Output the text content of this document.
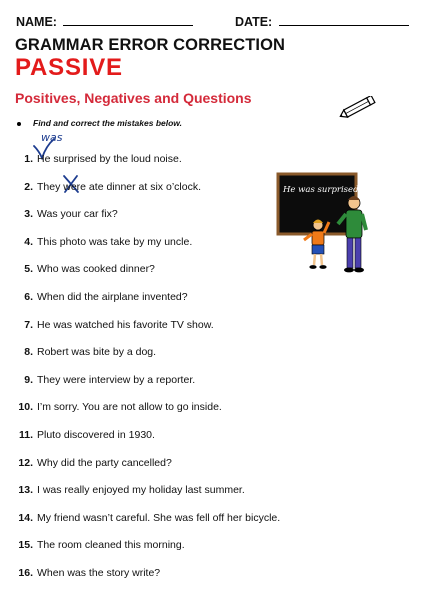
NAME:	DATE:
GRAMMAR ERROR CORRECTION
PASSIVE
Positives, Negatives and Questions
Find and correct the mistakes below.
was
1. He surprised by the loud noise.
2. They were ate dinner at six o’clock.
3. Was your car fix?
4. This photo was take by my uncle.
5. Who was cooked dinner?
6. When did the airplane invented?
7. He was watched his favorite TV show.
8. Robert was bite by a dog.
9. They were interview by a reporter.
10. I’m sorry. You are not allow to go inside.
11. Pluto discovered in 1930.
12. Why did the party cancelled?
13. I was really enjoyed my holiday last summer.
14. My friend wasn’t careful. She was fell off her bicycle.
15. The room cleaned this morning.
16. When was the story write?
He was surprised
